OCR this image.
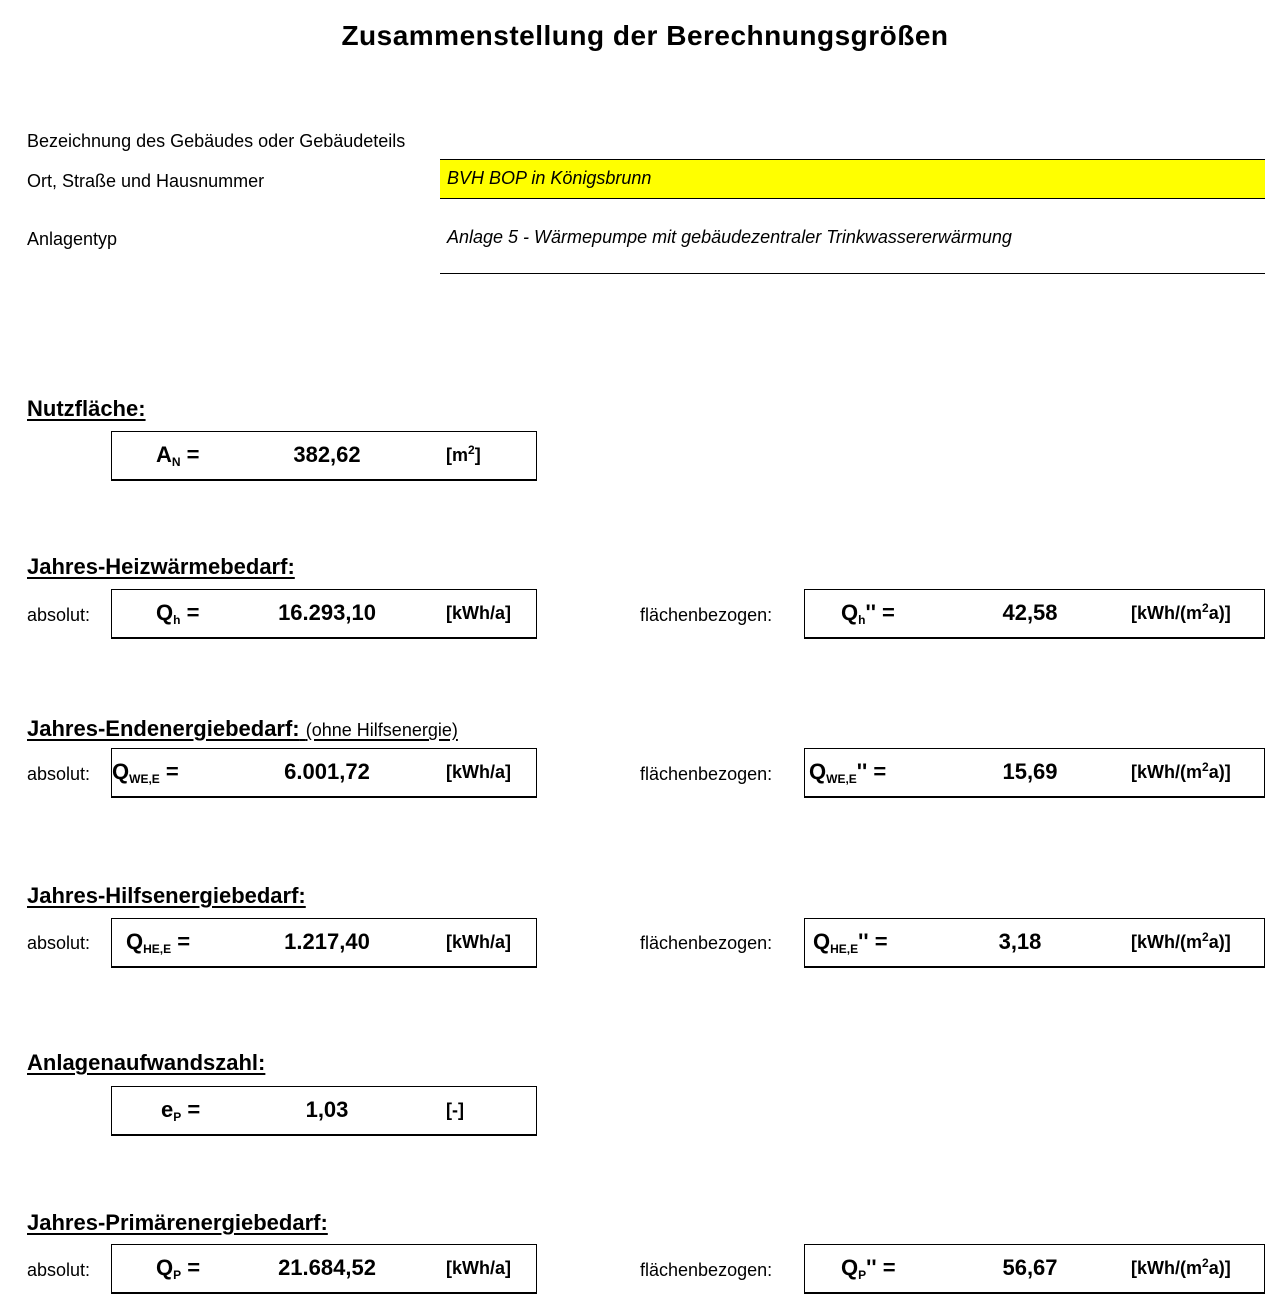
Zusammenstellung der Berechnungsgrößen
Bezeichnung des Gebäudes oder Gebäudeteils
Ort, Straße und Hausnummer	BVH BOP in Königsbrunn
Anlagentyp	Anlage 5 - Wärmepumpe mit gebäudezentraler Trinkwassererwärmung
Nutzfläche:
$A_N$ =	382,62	$[m^2]$
Jahres-Heizwärmebedarf:
absolut:	$Q_h$ =	16.293,10	[kWh/a]	flächenbezogen:	$Q_h''$ =	42,58	$[kWh/(m^2a)]$
Jahres-Endenergiebedarf: (ohne Hilfsenergie)
absolut: $Q_{WE,E}$ =	6.001,72	[kWh/a]	flächenbezogen: $Q_{WE,E}''$ =	15,69	$[kWh/(m^2a)]$
Jahres-Hilfsenergiebedarf:
absolut: $Q_{HE,E}$ =	1.217,40	[kWh/a]	flächenbezogen: $Q_{HE,E}''$ =	3,18	$[kWh/(m^2a)]$
Anlagenaufwandszahl:
$e_P$ =	1,03	[-]
Jahres-Primärenergiebedarf:
absolut:	$Q_P$ =	21.684,52	[kWh/a]	flächenbezogen:	$Q_P''$ =	56,67	$[kWh/(m^2a)]$
